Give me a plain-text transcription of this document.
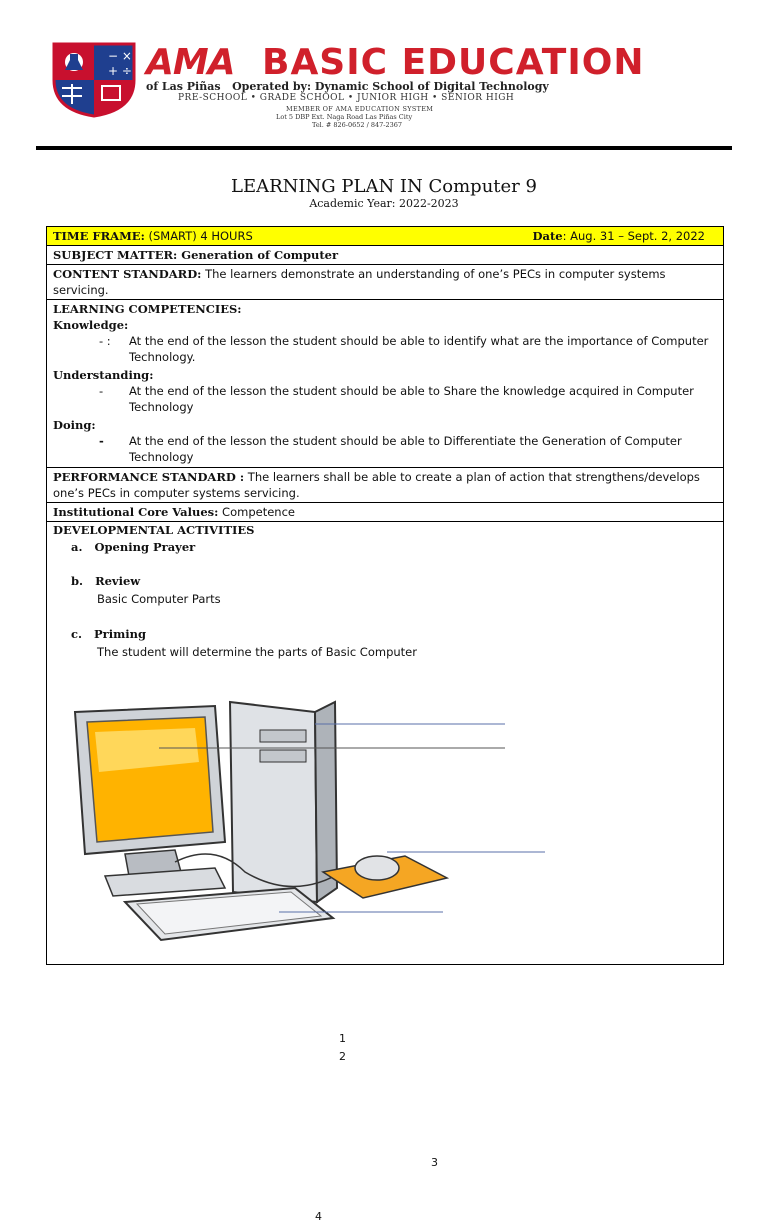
− ×
+ ÷ AMA BASIC EDUCATION
of Las Piñas Operated by: Dynamic School of Digital Technology
PRE-SCHOOL • GRADE SCHOOL • JUNIOR HIGH • SENIOR HIGH
MEMBER OF AMA EDUCATION SYSTEM
Lot 5 DBP Ext. Naga Road Las Piñas City
Tel. # 826-0652 / 847-2367
LEARNING PLAN IN Computer 9
Academic Year: 2022-2023
TIME FRAME: (SMART) 4 HOURS	Date: Aug. 31 – Sept. 2, 2022
SUBJECT MATTER: Generation of Computer
CONTENT STANDARD: The learners demonstrate an understanding of one’s PECs in computer systems servicing.
LEARNING COMPETENCIES:
Knowledge:
- :	At the end of the lesson the student should be able to identify what are the importance of Computer Technology.
Understanding:
-	At the end of the lesson the student should be able to Share the knowledge acquired in Computer Technology
Doing:
-	At the end of the lesson the student should be able to Differentiate the Generation of Computer Technology
PERFORMANCE STANDARD : The learners shall be able to create a plan of action that strengthens/develops one’s PECs in computer systems servicing.
Institutional Core Values: Competence
DEVELOPMENTAL ACTIVITIES
a. Opening Prayer
b. Review
Basic Computer Parts
c. Priming
The student will determine the parts of Basic Computer
1
2
3
4
